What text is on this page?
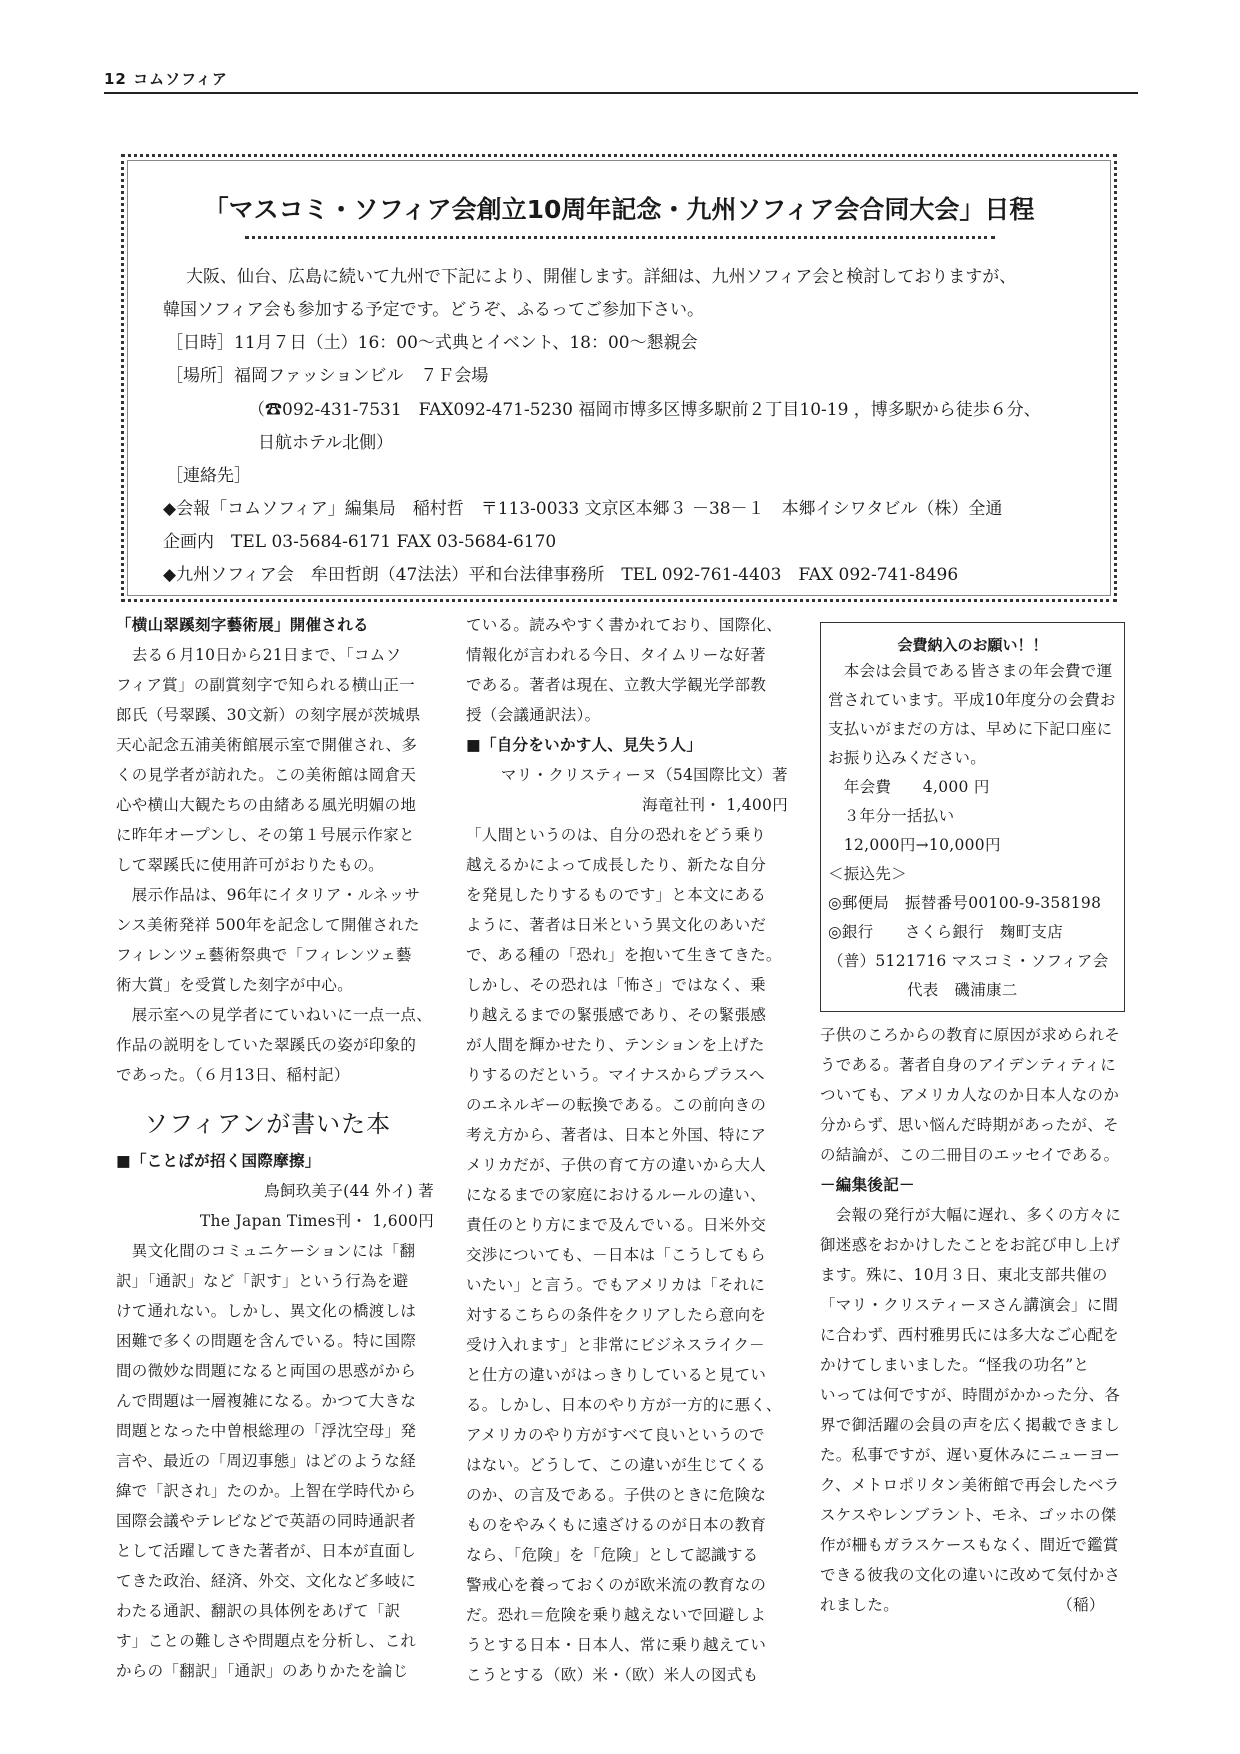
12 コムソフィア
「マスコミ・ソフィア会創立10周年記念・九州ソフィア会合同大会」日程
大阪、仙台、広島に続いて九州で下記により、開催します。詳細は、九州ソフィア会と検討しておりますが、
韓国ソフィア会も参加する予定です。どうぞ、ふるってご参加下さい。
［日時］11月７日（土）16：00〜式典とイベント、18：00〜懇親会
［場所］福岡ファッションビル　７Ｆ会場
（☎092-431-7531　FAX092-471-5230 福岡市博多区博多駅前２丁目10-19 ，博多駅から徒歩６分、
日航ホテル北側）
［連絡先］
◆会報「コムソフィア」編集局　稲村哲　〒113-0033 文京区本郷３ －38－１　本郷イシワタビル（株）全通
企画内　TEL 03-5684-6171 FAX 03-5684-6170
◆九州ソフィア会　牟田哲朗（47法法）平和台法律事務所　TEL 092-761-4403　FAX 092-741-8496
「横山翠蹊刻字藝術展」開催される
　去る６月10日から21日まで、「コムソ
フィア賞」の副賞刻字で知られる横山正一
郎氏（号翠蹊、30文新）の刻字展が茨城県
天心記念五浦美術館展示室で開催され、多
くの見学者が訪れた。この美術館は岡倉天
心や横山大観たちの由緒ある風光明媚の地
に昨年オープンし、その第１号展示作家と
して翠蹊氏に使用許可がおりたもの。
　展示作品は、96年にイタリア・ルネッサ
ンス美術発祥 500年を記念して開催された
フィレンツェ藝術祭典で「フィレンツェ藝
術大賞」を受賞した刻字が中心。
　展示室への見学者にていねいに一点一点、
作品の説明をしていた翠蹊氏の姿が印象的
であった。（６月13日、稲村記）
ソフィアンが書いた本
■「ことばが招く国際摩擦」
鳥飼玖美子(44 外イ) 著
The Japan Times刊・ 1,600円
　異文化間のコミュニケーションには「翻
訳」「通訳」など「訳す」という行為を避
けて通れない。しかし、異文化の橋渡しは
困難で多くの問題を含んでいる。特に国際
間の微妙な問題になると両国の思惑がから
んで問題は一層複雑になる。かつて大きな
問題となった中曽根総理の「浮沈空母」発
言や、最近の「周辺事態」はどのような経
緯で「訳され」たのか。上智在学時代から
国際会議やテレビなどで英語の同時通訳者
として活躍してきた著者が、日本が直面し
てきた政治、経済、外交、文化など多岐に
わたる通訳、翻訳の具体例をあげて「訳
す」ことの難しさや問題点を分析し、これ
からの「翻訳」「通訳」のありかたを論じ
ている。読みやすく書かれており、国際化、
情報化が言われる今日、タイムリーな好著
である。著者は現在、立教大学観光学部教
授（会議通訳法）。
■「自分をいかす人、見失う人」
マリ・クリスティーヌ（54国際比文）著
海竜社刊・ 1,400円
「人間というのは、自分の恐れをどう乗り
越えるかによって成長したり、新たな自分
を発見したりするものです」と本文にある
ように、著者は日米という異文化のあいだ
で、ある種の「恐れ」を抱いて生きてきた。
しかし、その恐れは「怖さ」ではなく、乗
り越えるまでの緊張感であり、その緊張感
が人間を輝かせたり、テンションを上げた
りするのだという。マイナスからプラスへ
のエネルギーの転換である。この前向きの
考え方から、著者は、日本と外国、特にア
メリカだが、子供の育て方の違いから大人
になるまでの家庭におけるルールの違い、
責任のとり方にまで及んでいる。日米外交
交渉についても、－日本は「こうしてもら
いたい」と言う。でもアメリカは「それに
対するこちらの条件をクリアしたら意向を
受け入れます」と非常にビジネスライク－
と仕方の違いがはっきりしていると見てい
る。しかし、日本のやり方が一方的に悪く、
アメリカのやり方がすべて良いというので
はない。どうして、この違いが生じてくる
のか、の言及である。子供のときに危険な
ものをやみくもに遠ざけるのが日本の教育
なら、「危険」を「危険」として認識する
警戒心を養っておくのが欧米流の教育なの
だ。恐れ＝危険を乗り越えないで回避しよ
うとする日本・日本人、常に乗り越えてい
こうとする（欧）米・（欧）米人の図式も
会費納入のお願い！！
　本会は会員である皆さまの年会費で運
営されています。平成10年度分の会費お
支払いがまだの方は、早めに下記口座に
お振り込みください。
　年会費　　4,000 円
　３年分一括払い
　12,000円→10,000円
＜振込先＞
◎郵便局　振替番号00100-9-358198
◎銀行　　さくら銀行　麹町支店
（普）5121716 マスコミ・ソフィア会
　　　　　代表　磯浦康二
子供のころからの教育に原因が求められそ
うである。著者自身のアイデンティティに
ついても、アメリカ人なのか日本人なのか
分からず、思い悩んだ時期があったが、そ
の結論が、この二冊目のエッセイである。
－編集後記－
　会報の発行が大幅に遅れ、多くの方々に
御迷惑をおかけしたことをお詫び申し上げ
ます。殊に、10月３日、東北支部共催の
「マリ・クリスティーヌさん講演会」に間
に合わず、西村雅男氏には多大なご心配を
かけてしまいました。“怪我の功名”と
いっては何ですが、時間がかかった分、各
界で御活躍の会員の声を広く掲載できまし
た。私事ですが、遅い夏休みにニューヨー
ク、メトロポリタン美術館で再会したベラ
スケスやレンブラント、モネ、ゴッホの傑
作が柵もガラスケースもなく、間近で鑑賞
できる彼我の文化の違いに改めて気付かさ
れました。　　　　　　　　　　　（稲）
